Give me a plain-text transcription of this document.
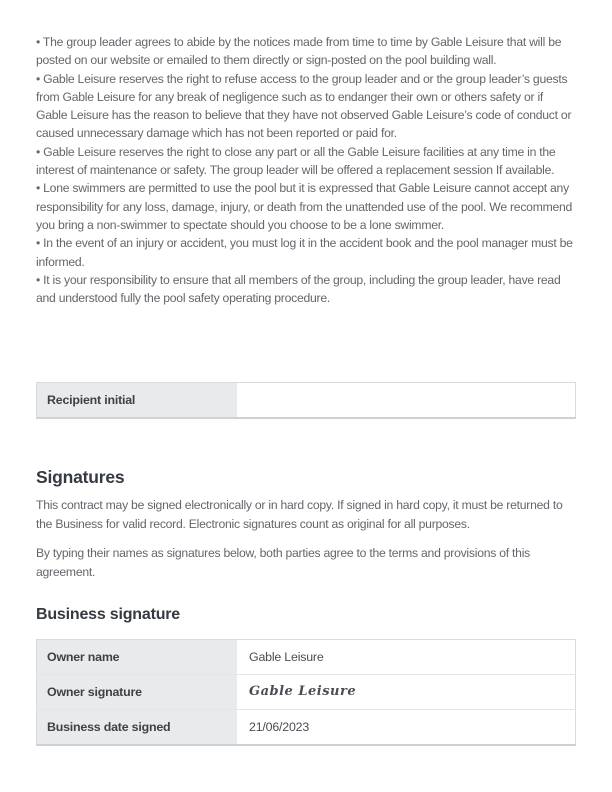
• The group leader agrees to abide by the notices made from time to time by Gable Leisure that will be posted on our website or emailed to them directly or sign-posted on the pool building wall.

• Gable Leisure reserves the right to refuse access to the group leader and or the group leader’s guests from Gable Leisure for any break of negligence such as to endanger their own or others safety or if Gable Leisure has the reason to believe that they have not observed Gable Leisure’s code of conduct or caused unnecessary damage which has not been reported or paid for.

• Gable Leisure reserves the right to close any part or all the Gable Leisure facilities at any time in the interest of maintenance or safety. The group leader will be offered a replacement session If available.

• Lone swimmers are permitted to use the pool but it is expressed that Gable Leisure cannot accept any responsibility for any loss, damage, injury, or death from the unattended use of the pool. We recommend you bring a non-swimmer to spectate should you choose to be a lone swimmer.

• In the event of an injury or accident, you must log it in the accident book and the pool manager must be informed.

• It is your responsibility to ensure that all members of the group, including the group leader, have read and understood fully the pool safety operating procedure.

Recipient initial	
Signatures

This contract may be signed electronically or in hard copy. If signed in hard copy, it must be returned to the Business for valid record. Electronic signatures count as original for all purposes.

By typing their names as signatures below, both parties agree to the terms and provisions of this agreement.

Business signature
Owner name	Gable Leisure
Owner signature	Gable Leisure
Business date signed	21/06/2023
